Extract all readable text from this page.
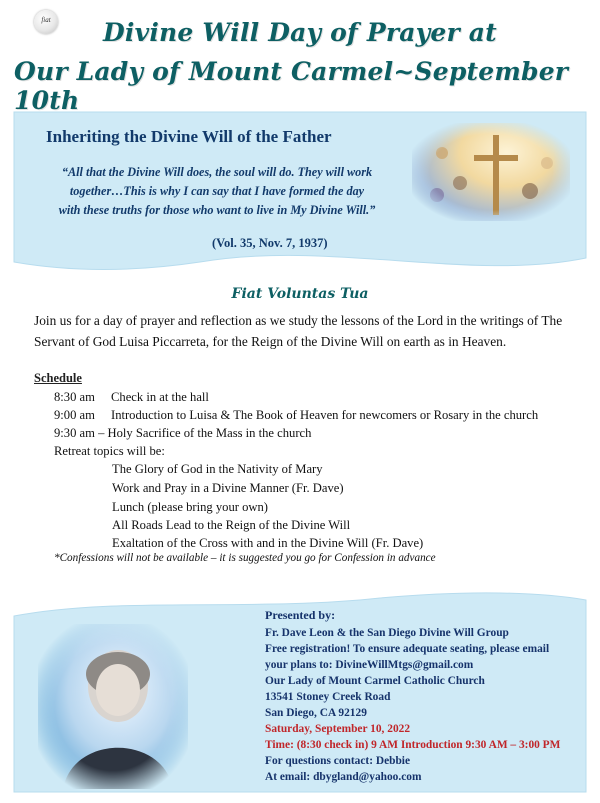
fiat	Divine Will Day of Prayer at
Our Lady of Mount Carmel~September 10th
Inheriting the Divine Will of the Father
“All that the Divine Will does, the soul will do. They will work
together…This is why I can say that I have formed the day
with these truths for those who want to live in My Divine Will.”
(Vol. 35, Nov. 7, 1937)
Fiat Voluntas Tua
Join us for a day of prayer and reflection as we study the lessons of the Lord in the writings of The Servant of God Luisa Piccarreta, for the Reign of the Divine Will on earth as in Heaven.
Schedule
8:30 am Check in at the hall
9:00 am Introduction to Luisa & The Book of Heaven for newcomers or Rosary in the church
9:30 am – Holy Sacrifice of the Mass in the church
Retreat topics will be:
The Glory of God in the Nativity of Mary
Work and Pray in a Divine Manner (Fr. Dave)
Lunch (please bring your own)
All Roads Lead to the Reign of the Divine Will
Exaltation of the Cross with and in the Divine Will (Fr. Dave)
*Confessions will not be available – it is suggested you go for Confession in advance
Presented by:
Fr. Dave Leon & the San Diego Divine Will Group
Free registration! To ensure adequate seating, please email
your plans to: DivineWillMtgs@gmail.com
Our Lady of Mount Carmel Catholic Church
13541 Stoney Creek Road
San Diego, CA 92129
Saturday, September 10, 2022
Time: (8:30 check in) 9 AM Introduction 9:30 AM – 3:00 PM
For questions contact: Debbie
At email: dbygland@yahoo.com
